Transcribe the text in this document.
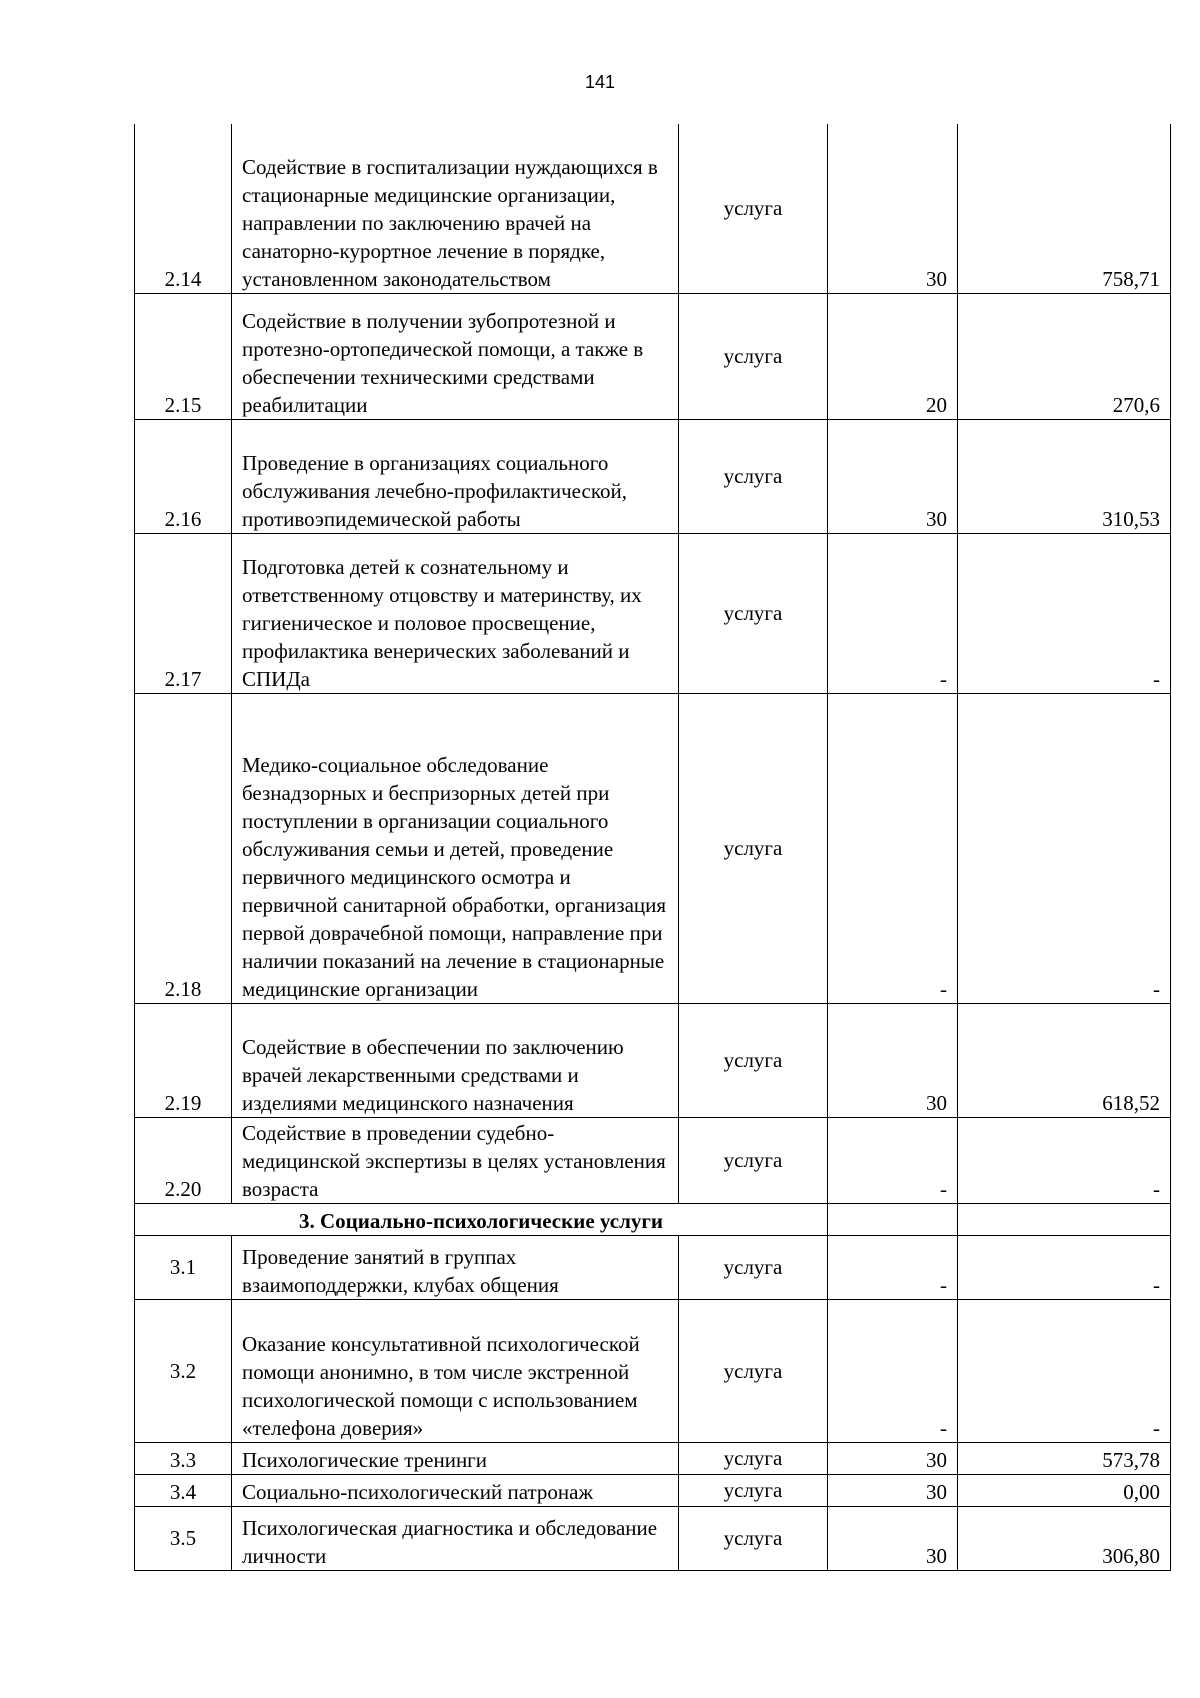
141
2.14	Содействие в госпитализации нуждающихся в стационарные медицинские организации, направлении по заключению врачей на санаторно-курортное лечение в порядке, установленном законодательством	услуга	30	758,71
2.15	Содействие в получении зубопротезной и протезно-ортопедической помощи, а также в обеспечении техническими средствами реабилитации	услуга	20	270,6
2.16	Проведение в организациях социального обслуживания лечебно-профилактической, противоэпидемической работы	услуга	30	310,53
2.17	Подготовка детей к сознательному и ответственному отцовству и материнству, их гигиеническое и половое просвещение, профилактика венерических заболеваний и СПИДа	услуга	-	-
2.18	Медико-социальное обследование безнадзорных и беспризорных детей при поступлении в организации социального обслуживания семьи и детей, проведение первичного медицинского осмотра и первичной санитарной обработки, организация первой доврачебной помощи, направление при наличии показаний на лечение в стационарные медицинские организации	услуга	-	-
2.19	Содействие в обеспечении по заключению врачей лекарственными средствами и изделиями медицинского назначения	услуга	30	618,52
2.20	Содействие в проведении судебно-медицинской экспертизы в целях установления возраста	услуга	-	-
3. Социально-психологические услуги				
3.1	Проведение занятий в группах взаимоподдержки, клубах общения	услуга	-	-
3.2	Оказание консультативной психологической помощи анонимно, в том числе экстренной психологической помощи с использованием «телефона доверия»	услуга	-	-
3.3	Психологические тренинги	услуга	30	573,78
3.4	Социально-психологический патронаж	услуга	30	0,00
3.5	Психологическая диагностика и обследование личности	услуга	30	306,80
